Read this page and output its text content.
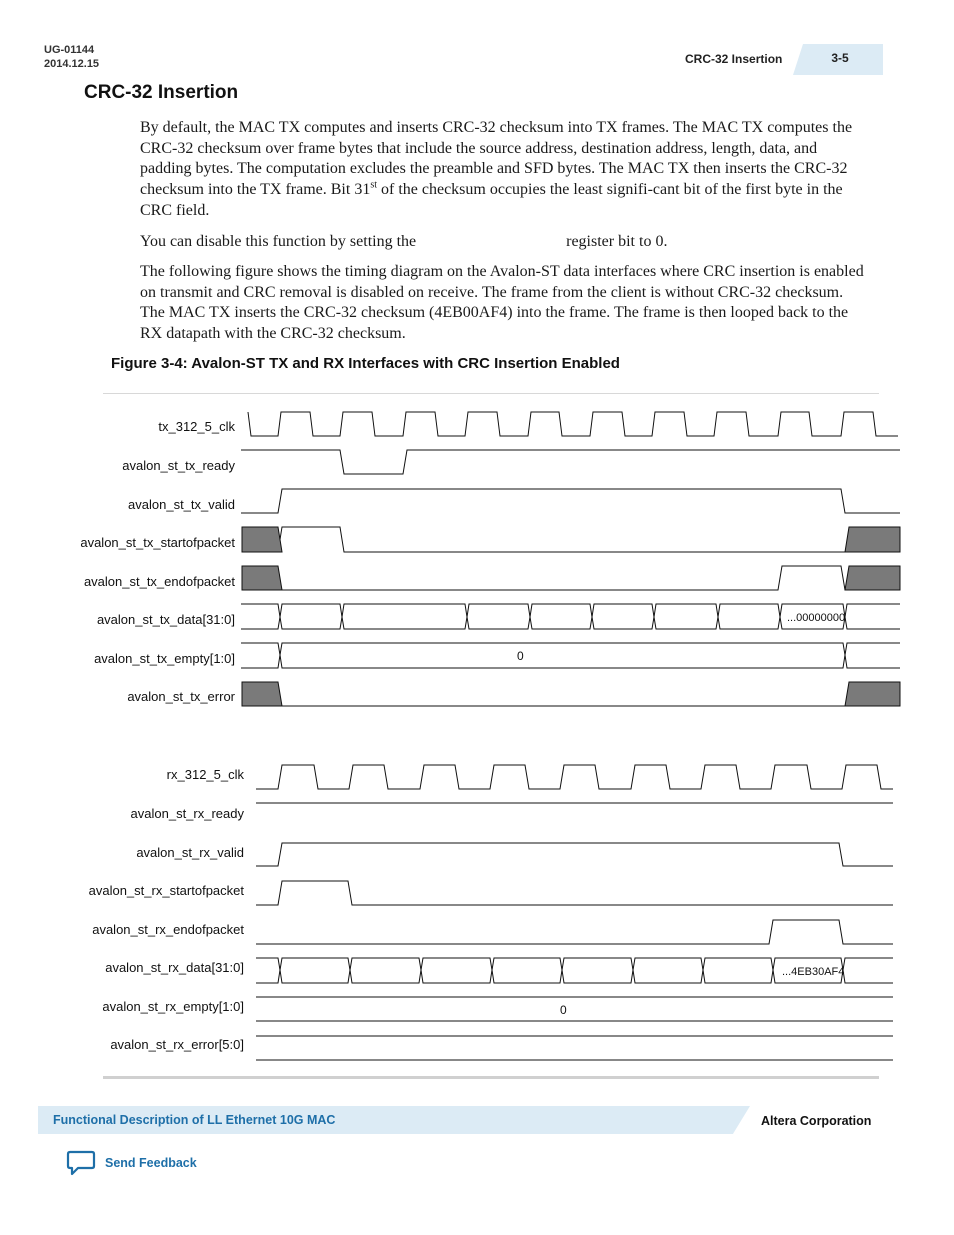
UG-01144
2014.12.15	CRC-32 Insertion	3-5
CRC-32 Insertion

By default, the MAC TX computes and inserts CRC-32 checksum into TX frames. The MAC TX computes the CRC-32 checksum over frame bytes that include the source address, destination address, length, data, and padding bytes. The computation excludes the preamble and SFD bytes. The MAC TX then inserts the CRC-32 checksum into the TX frame. Bit 31st of the checksum occupies the least signifi-cant bit of the first byte in the CRC field.

You can disable this function by setting the	register bit to 0.

The following figure shows the timing diagram on the Avalon-ST data interfaces where CRC insertion is enabled on transmit and CRC removal is disabled on receive. The frame from the client is without CRC-32 checksum. The MAC TX inserts the CRC-32 checksum (4EB00AF4) into the frame. The frame is then looped back to the RX datapath with the CRC-32 checksum.

Figure 3-4: Avalon-ST TX and RX Interfaces with CRC Insertion Enabled

tx_312_5_clk
avalon_st_tx_ready
avalon_st_tx_valid
avalon_st_tx_startofpacket
avalon_st_tx_endofpacket
avalon_st_tx_data[31:0]
avalon_st_tx_empty[1:0]
avalon_st_tx_error
...00000000
0
rx_312_5_clk
avalon_st_rx_ready
avalon_st_rx_valid
avalon_st_rx_startofpacket
avalon_st_rx_endofpacket
avalon_st_rx_data[31:0]
avalon_st_rx_empty[1:0]
avalon_st_rx_error[5:0]
...4EB30AF4
0
Functional Description of LL Ethernet 10G MAC	Altera Corporation
Send Feedback
